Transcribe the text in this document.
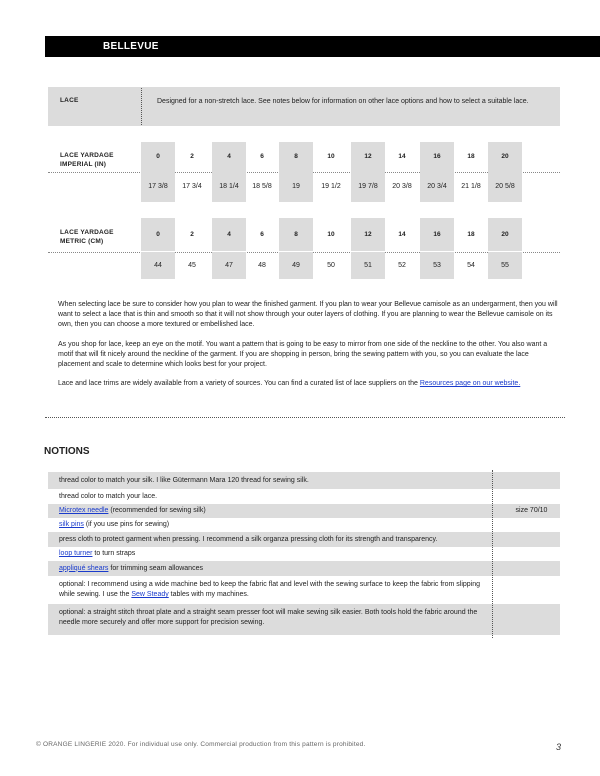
BELLEVUE
LACE	Designed for a non-stretch lace. See notes below for information on other lace options and how to select a suitable lace.
LACE YARDAGE
IMPERIAL (IN)
0	2	4	6	8	10	12	14	16	18	20
17 3/8	17 3/4	18 1/4	18 5/8	19	19 1/2	19 7/8	20 3/8	20 3/4	21 1/8	20 5/8
LACE YARDAGE
METRIC (CM)
0	2	4	6	8	10	12	14	16	18	20
44	45	47	48	49	50	51	52	53	54	55
When selecting lace be sure to consider how you plan to wear the finished garment. If you plan to wear your Bellevue camisole as an undergarment, then you will want to select a lace that is thin and smooth so that it will not show through your outer layers of clothing. If you are planning to wear the Bellevue camisole on its own, then you can choose a more textured or embellished lace.
As you shop for lace, keep an eye on the motif. You want a pattern that is going to be easy to mirror from one side of the neckline to the other. You also want a motif that will fit nicely around the neckline of the garment. If you are shopping in person, bring the sewing pattern with you, so you can evaluate the lace placement and scale to determine which looks best for your project.
Lace and lace trims are widely available from a variety of sources. You can find a curated list of lace suppliers on the Resources page on our website.
NOTIONS
thread color to match your silk. I like Gütermann Mara 120 thread for sewing silk.
thread color to match your lace.
Microtex needle (recommended for sewing silk)	size 70/10
silk pins (if you use pins for sewing)
press cloth to protect garment when pressing. I recommend a silk organza pressing cloth for its strength and transparency.
loop turner to turn straps
appliqué shears for trimming seam allowances
optional: I recommend using a wide machine bed to keep the fabric flat and level with the sewing surface to keep the fabric from slipping while sewing. I use the Sew Steady tables with my machines.
optional: a straight stitch throat plate and a straight seam presser foot will make sewing silk easier. Both tools hold the fabric around the needle more securely and offer more support for precision sewing.
© ORANGE LINGERIE 2020. For individual use only. Commercial production from this pattern is prohibited.	3
